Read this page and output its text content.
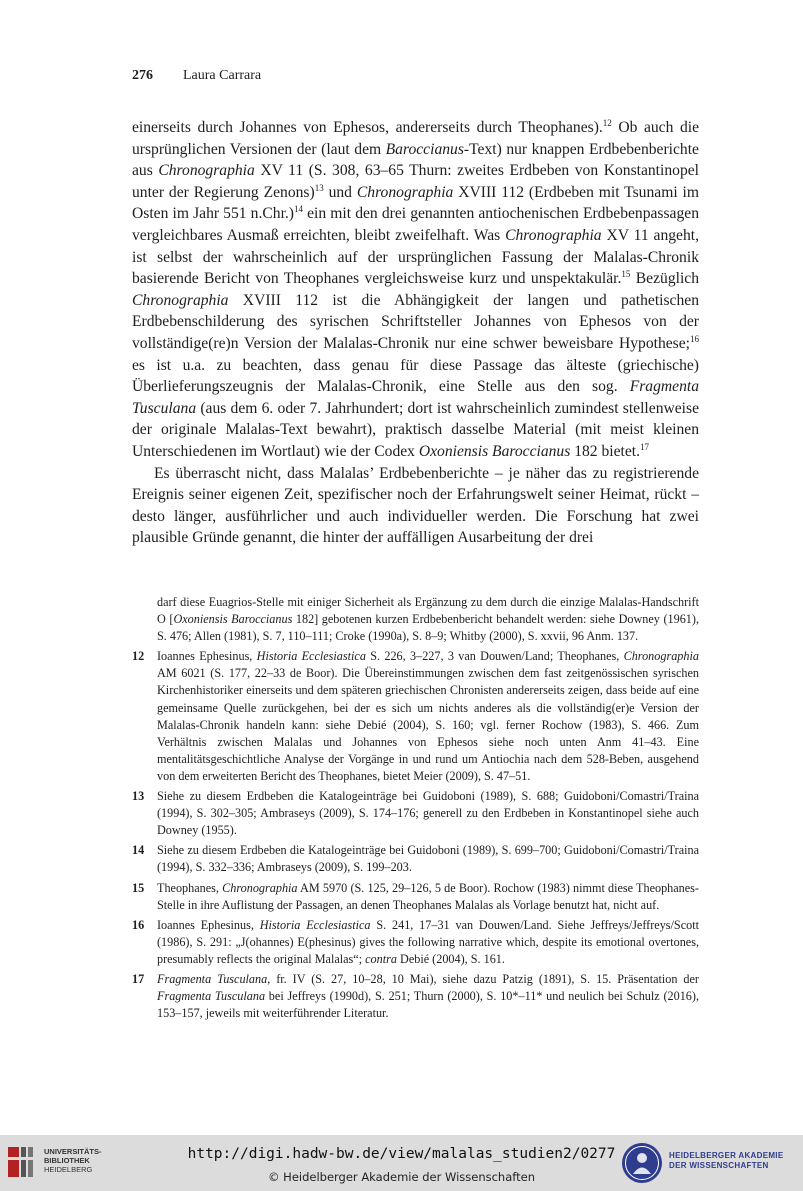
276 Laura Carrara

einerseits durch Johannes von Ephesos, andererseits durch Theophanes).$^{12}$ Ob auch die ursprünglichen Versionen der (laut dem Baroccianus-Text) nur knappen Erdbebenberichte aus Chronographia XV 11 (S. 308, 63–65 Thurn: zweites Erdbeben von Konstantinopel unter der Regierung Zenons)$^{13}$ und Chronographia XVIII 112 (Erdbeben mit Tsunami im Osten im Jahr 551 n.Chr.)$^{14}$ ein mit den drei genannten antiochenischen Erdbebenpassagen vergleichbares Ausmaß erreichten, bleibt zweifelhaft. Was Chronographia XV 11 angeht, ist selbst der wahrscheinlich auf der ursprünglichen Fassung der Malalas-Chronik basierende Bericht von Theophanes vergleichsweise kurz und unspektakulär.$^{15}$ Bezüglich Chronographia XVIII 112 ist die Abhängigkeit der langen und pathetischen Erdbebenschilderung des syrischen Schriftsteller Johannes von Ephesos von der vollständige(re)n Version der Malalas-Chronik nur eine schwer beweisbare Hypothese;$^{16}$ es ist u.a. zu beachten, dass genau für diese Passage das älteste (griechische) Überlieferungszeugnis der Malalas-Chronik, eine Stelle aus den sog. Fragmenta Tusculana (aus dem 6. oder 7. Jahrhundert; dort ist wahrscheinlich zumindest stellenweise der originale Malalas-Text bewahrt), praktisch dasselbe Material (mit meist kleinen Unterschiedenen im Wortlaut) wie der Codex Oxoniensis Baroccianus 182 bietet.$^{17}$

Es überrascht nicht, dass Malalas’ Erdbebenberichte – je näher das zu registrierende Ereignis seiner eigenen Zeit, spezifischer noch der Erfahrungswelt seiner Heimat, rückt – desto länger, ausführlicher und auch individueller werden. Die Forschung hat zwei plausible Gründe genannt, die hinter der auffälligen Ausarbeitung der drei

darf diese Euagrios-Stelle mit einiger Sicherheit als Ergänzung zu dem durch die einzige Malalas-Handschrift O [Oxoniensis Baroccianus 182] gebotenen kurzen Erdbebenbericht behandelt werden: siehe Downey (1961), S. 476; Allen (1981), S. 7, 110–111; Croke (1990a), S. 8–9; Whitby (2000), S. xxvii, 96 Anm. 137.
12 Ioannes Ephesinus, Historia Ecclesiastica S. 226, 3–227, 3 van Douwen/Land; Theophanes, Chronographia AM 6021 (S. 177, 22–33 de Boor). Die Übereinstimmungen zwischen dem fast zeitgenössischen syrischen Kirchenhistoriker einerseits und dem späteren griechischen Chronisten andererseits zeigen, dass beide auf eine gemeinsame Quelle zurückgehen, bei der es sich um nichts anderes als die vollständig(er)e Version der Malalas-Chronik handeln kann: siehe Debié (2004), S. 160; vgl. ferner Rochow (1983), S. 466. Zum Verhältnis zwischen Malalas und Johannes von Ephesos siehe noch unten Anm 41–43. Eine mentalitätsgeschichtliche Analyse der Vorgänge in und rund um Antiochia nach dem 528-Beben, ausgehend von dem erweiterten Bericht des Theophanes, bietet Meier (2009), S. 47–51.
13 Siehe zu diesem Erdbeben die Katalogeinträge bei Guidoboni (1989), S. 688; Guidoboni/Comastri/Traina (1994), S. 302–305; Ambraseys (2009), S. 174–176; generell zu den Erdbeben in Konstantinopel siehe auch Downey (1955).
14 Siehe zu diesem Erdbeben die Katalogeinträge bei Guidoboni (1989), S. 699–700; Guidoboni/Comastri/Traina (1994), S. 332–336; Ambraseys (2009), S. 199–203.
15 Theophanes, Chronographia AM 5970 (S. 125, 29–126, 5 de Boor). Rochow (1983) nimmt diese Theophanes-Stelle in ihre Auflistung der Passagen, an denen Theophanes Malalas als Vorlage benutzt hat, nicht auf.
16 Ioannes Ephesinus, Historia Ecclesiastica S. 241, 17–31 van Douwen/Land. Siehe Jeffreys/Jeffreys/Scott (1986), S. 291: „J(ohannes) E(phesinus) gives the following narrative which, despite its emotional overtones, presumably reflects the original Malalas“; contra Debié (2004), S. 161.
17 Fragmenta Tusculana, fr. IV (S. 27, 10–28, 10 Mai), siehe dazu Patzig (1891), S. 15. Präsentation der Fragmenta Tusculana bei Jeffreys (1990d), S. 251; Thurn (2000), S. 10*–11* und neulich bei Schulz (2016), 153–157, jeweils mit weiterführender Literatur.
UNIVERSITÄTS-
BIBLIOTHEK
HEIDELBERG
http://digi.hadw-bw.de/view/malalas_studien2/0277
© Heidelberger Akademie der Wissenschaften
HEIDELBERGER AKADEMIE
DER WISSENSCHAFTEN
